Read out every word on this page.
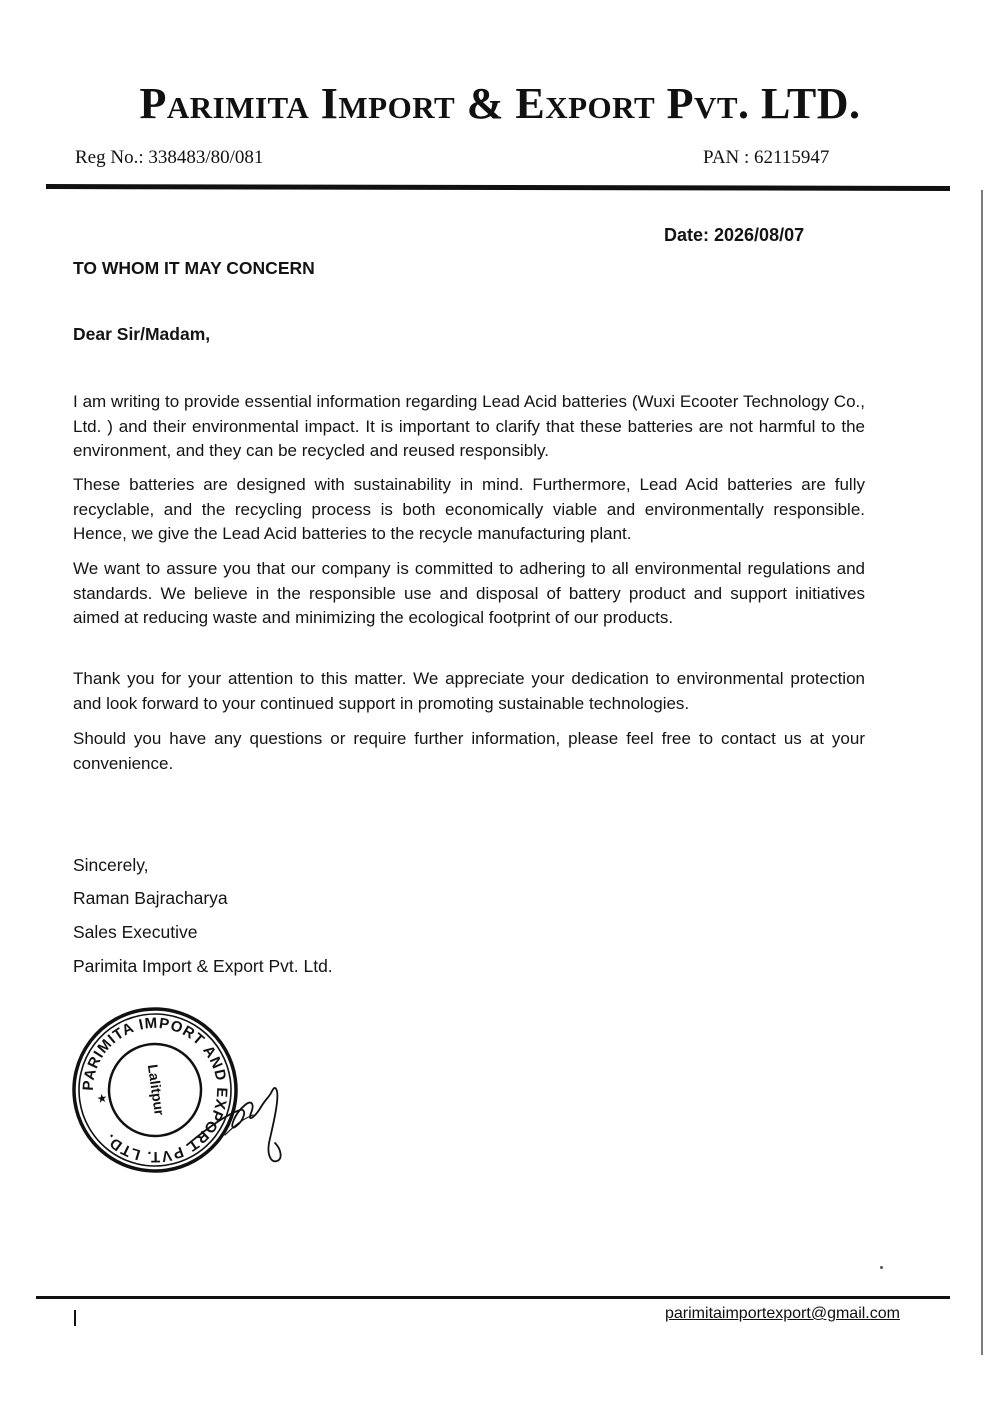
Parimita Import & Export Pvt. LTD.
Reg No.: 338483/80/081	PAN : 62115947
Date: 2026/08/07
TO WHOM IT MAY CONCERN
Dear Sir/Madam,
I am writing to provide essential information regarding Lead Acid batteries (Wuxi Ecooter Technology Co., Ltd. ) and their environmental impact. It is important to clarify that these batteries are not harmful to the environment, and they can be recycled and reused responsibly.
These batteries are designed with sustainability in mind. Furthermore, Lead Acid batteries are fully recyclable, and the recycling process is both economically viable and environmentally responsible. Hence, we give the Lead Acid batteries to the recycle manufacturing plant.
We want to assure you that our company is committed to adhering to all environmental regulations and standards. We believe in the responsible use and disposal of battery product and support initiatives aimed at reducing waste and minimizing the ecological footprint of our products.
Thank you for your attention to this matter. We appreciate your dedication to environmental protection and look forward to your continued support in promoting sustainable technologies.
Should you have any questions or require further information, please feel free to contact us at your convenience.
Sincerely,
Raman Bajracharya
Sales Executive
Parimita Import & Export Pvt. Ltd.
PARIMITA IMPORT AND EXPORT PVT. LTD.
Lalitpur
★
parimitaimportexport@gmail.com
